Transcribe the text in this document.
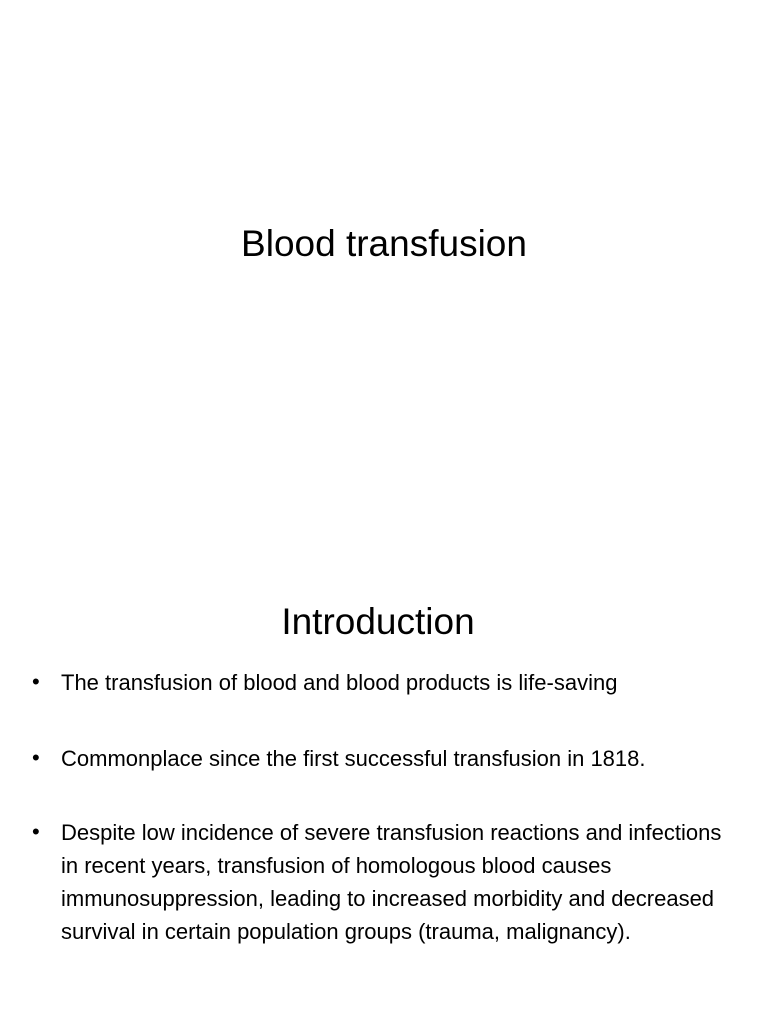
Blood transfusion
Introduction
• The transfusion of blood and blood products is life-saving
• Commonplace since the first successful transfusion in 1818.
• Despite low incidence of severe transfusion reactions and infections in recent years, transfusion of homologous blood causes immunosuppression, leading to increased morbidity and decreased survival in certain population groups (trauma, malignancy).
